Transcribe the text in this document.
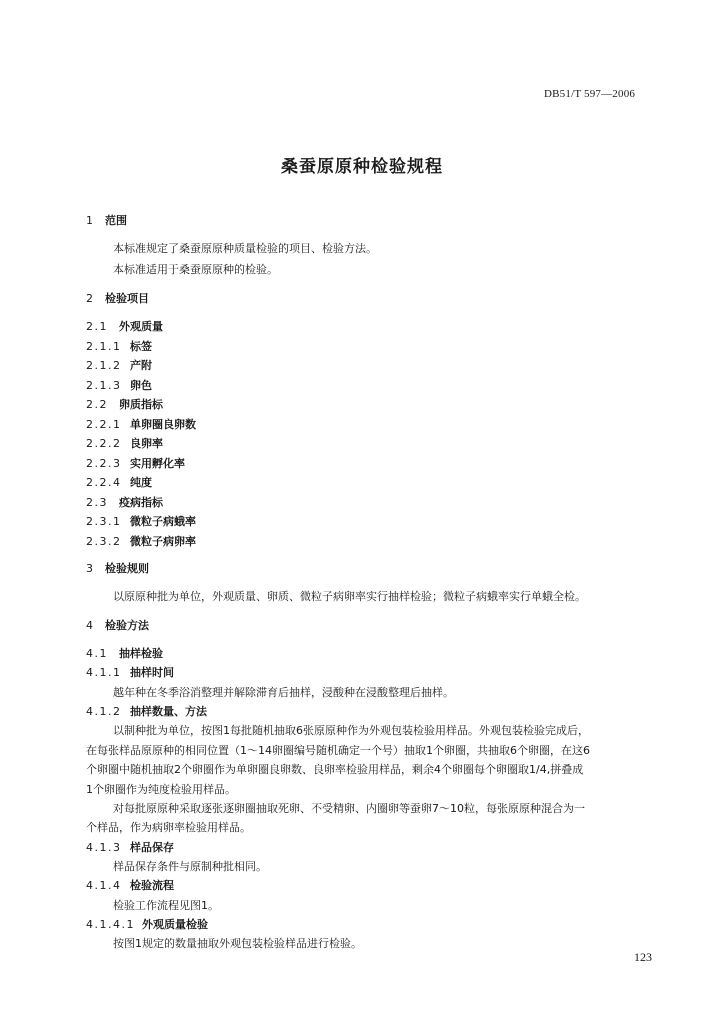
DB51/T 597—2006
桑蚕原原种检验规程
1 范围
本标准规定了桑蚕原原种质量检验的项目、检验方法。
本标准适用于桑蚕原原种的检验。
2 检验项目
2.1 外观质量
2.1.1 标签
2.1.2 产附
2.1.3 卵色
2.2 卵质指标
2.2.1 单卵圈良卵数
2.2.2 良卵率
2.2.3 实用孵化率
2.2.4 纯度
2.3 疫病指标
2.3.1 微粒子病蛾率
2.3.2 微粒子病卵率
3 检验规则
以原原种批为单位，外观质量、卵质、微粒子病卵率实行抽样检验；微粒子病蛾率实行单蛾全检。
4 检验方法
4.1 抽样检验
4.1.1 抽样时间
越年种在冬季浴消整理并解除滞育后抽样，浸酸种在浸酸整理后抽样。
4.1.2 抽样数量、方法
以制种批为单位，按图1每批随机抽取6张原原种作为外观包装检验用样品。外观包装检验完成后，
在每张样品原原种的相同位置（1～14卵圈编号随机确定一个号）抽取1个卵圈，共抽取6个卵圈，在这6
个卵圈中随机抽取2个卵圈作为单卵圈良卵数、良卵率检验用样品，剩余4个卵圈每个卵圈取1/4,拼叠成
1个卵圈作为纯度检验用样品。
对每批原原种采取逐张逐卵圈抽取死卵、不受精卵、内圈卵等蚕卵7～10粒，每张原原种混合为一
个样品，作为病卵率检验用样品。
4.1.3 样品保存
样品保存条件与原制种批相同。
4.1.4 检验流程
检验工作流程见图1。
4.1.4.1 外观质量检验
按图1规定的数量抽取外观包装检验样品进行检验。
123
